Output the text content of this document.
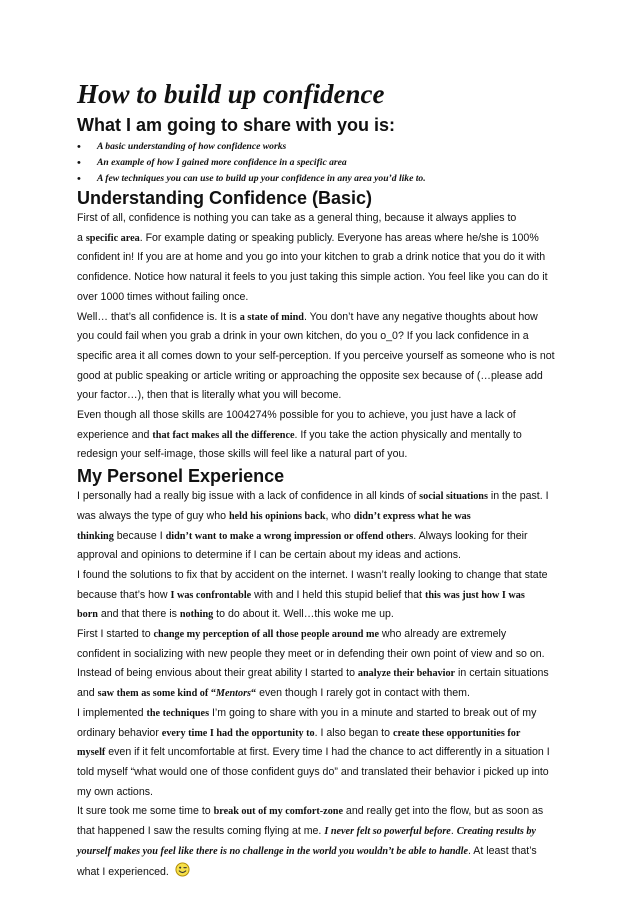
How to build up confidence
What I am going to share with you is:
• A basic understanding of how confidence works
• An example of how I gained more confidence in a specific area
• A few techniques you can use to build up your confidence in any area you’d like to.
Understanding Confidence (Basic)
First of all, confidence is nothing you can take as a general thing, because it always applies to
a specific area. For example dating or speaking publicly. Everyone has areas where he/she is 100%
confident in! If you are at home and you go into your kitchen to grab a drink notice that you do it with
confidence. Notice how natural it feels to you just taking this simple action. You feel like you can do it
over 1000 times without failing once.
Well… that’s all confidence is. It is a state of mind. You don’t have any negative thoughts about how
you could fail when you grab a drink in your own kitchen, do you o_0? If you lack confidence in a
specific area it all comes down to your self-perception. If you perceive yourself as someone who is not
good at public speaking or article writing or approaching the opposite sex because of (…please add
your factor…), then that is literally what you will become.
Even though all those skills are 1004274% possible for you to achieve, you just have a lack of
experience and that fact makes all the difference. If you take the action physically and mentally to
redesign your self-image, those skills will feel like a natural part of you.
My Personel Experience
I personally had a really big issue with a lack of confidence in all kinds of social situations in the past. I
was always the type of guy who held his opinions back, who didn’t express what he was
thinking because I didn’t want to make a wrong impression or offend others. Always looking for their
approval and opinions to determine if I can be certain about my ideas and actions.
I found the solutions to fix that by accident on the internet. I wasn’t really looking to change that state
because that’s how I was confrontable with and I held this stupid belief that this was just how I was
born and that there is nothing to do about it. Well…this woke me up.
First I started to change my perception of all those people around me who already are extremely
confident in socializing with new people they meet or in defending their own point of view and so on.
Instead of being envious about their great ability I started to analyze their behavior in certain situations
and saw them as some kind of “Mentors“ even though I rarely got in contact with them.
I implemented the techniques I’m going to share with you in a minute and started to break out of my
ordinary behavior every time I had the opportunity to. I also began to create these opportunities for
myself even if it felt uncomfortable at first. Every time I had the chance to act differently in a situation I
told myself “what would one of those confident guys do” and translated their behavior i picked up into
my own actions.
It sure took me some time to break out of my comfort-zone and really get into the flow, but as soon as
that happened I saw the results coming flying at me. I never felt so powerful before. Creating results by
yourself makes you feel like there is no challenge in the world you wouldn’t be able to handle. At least that’s
what I experienced.
